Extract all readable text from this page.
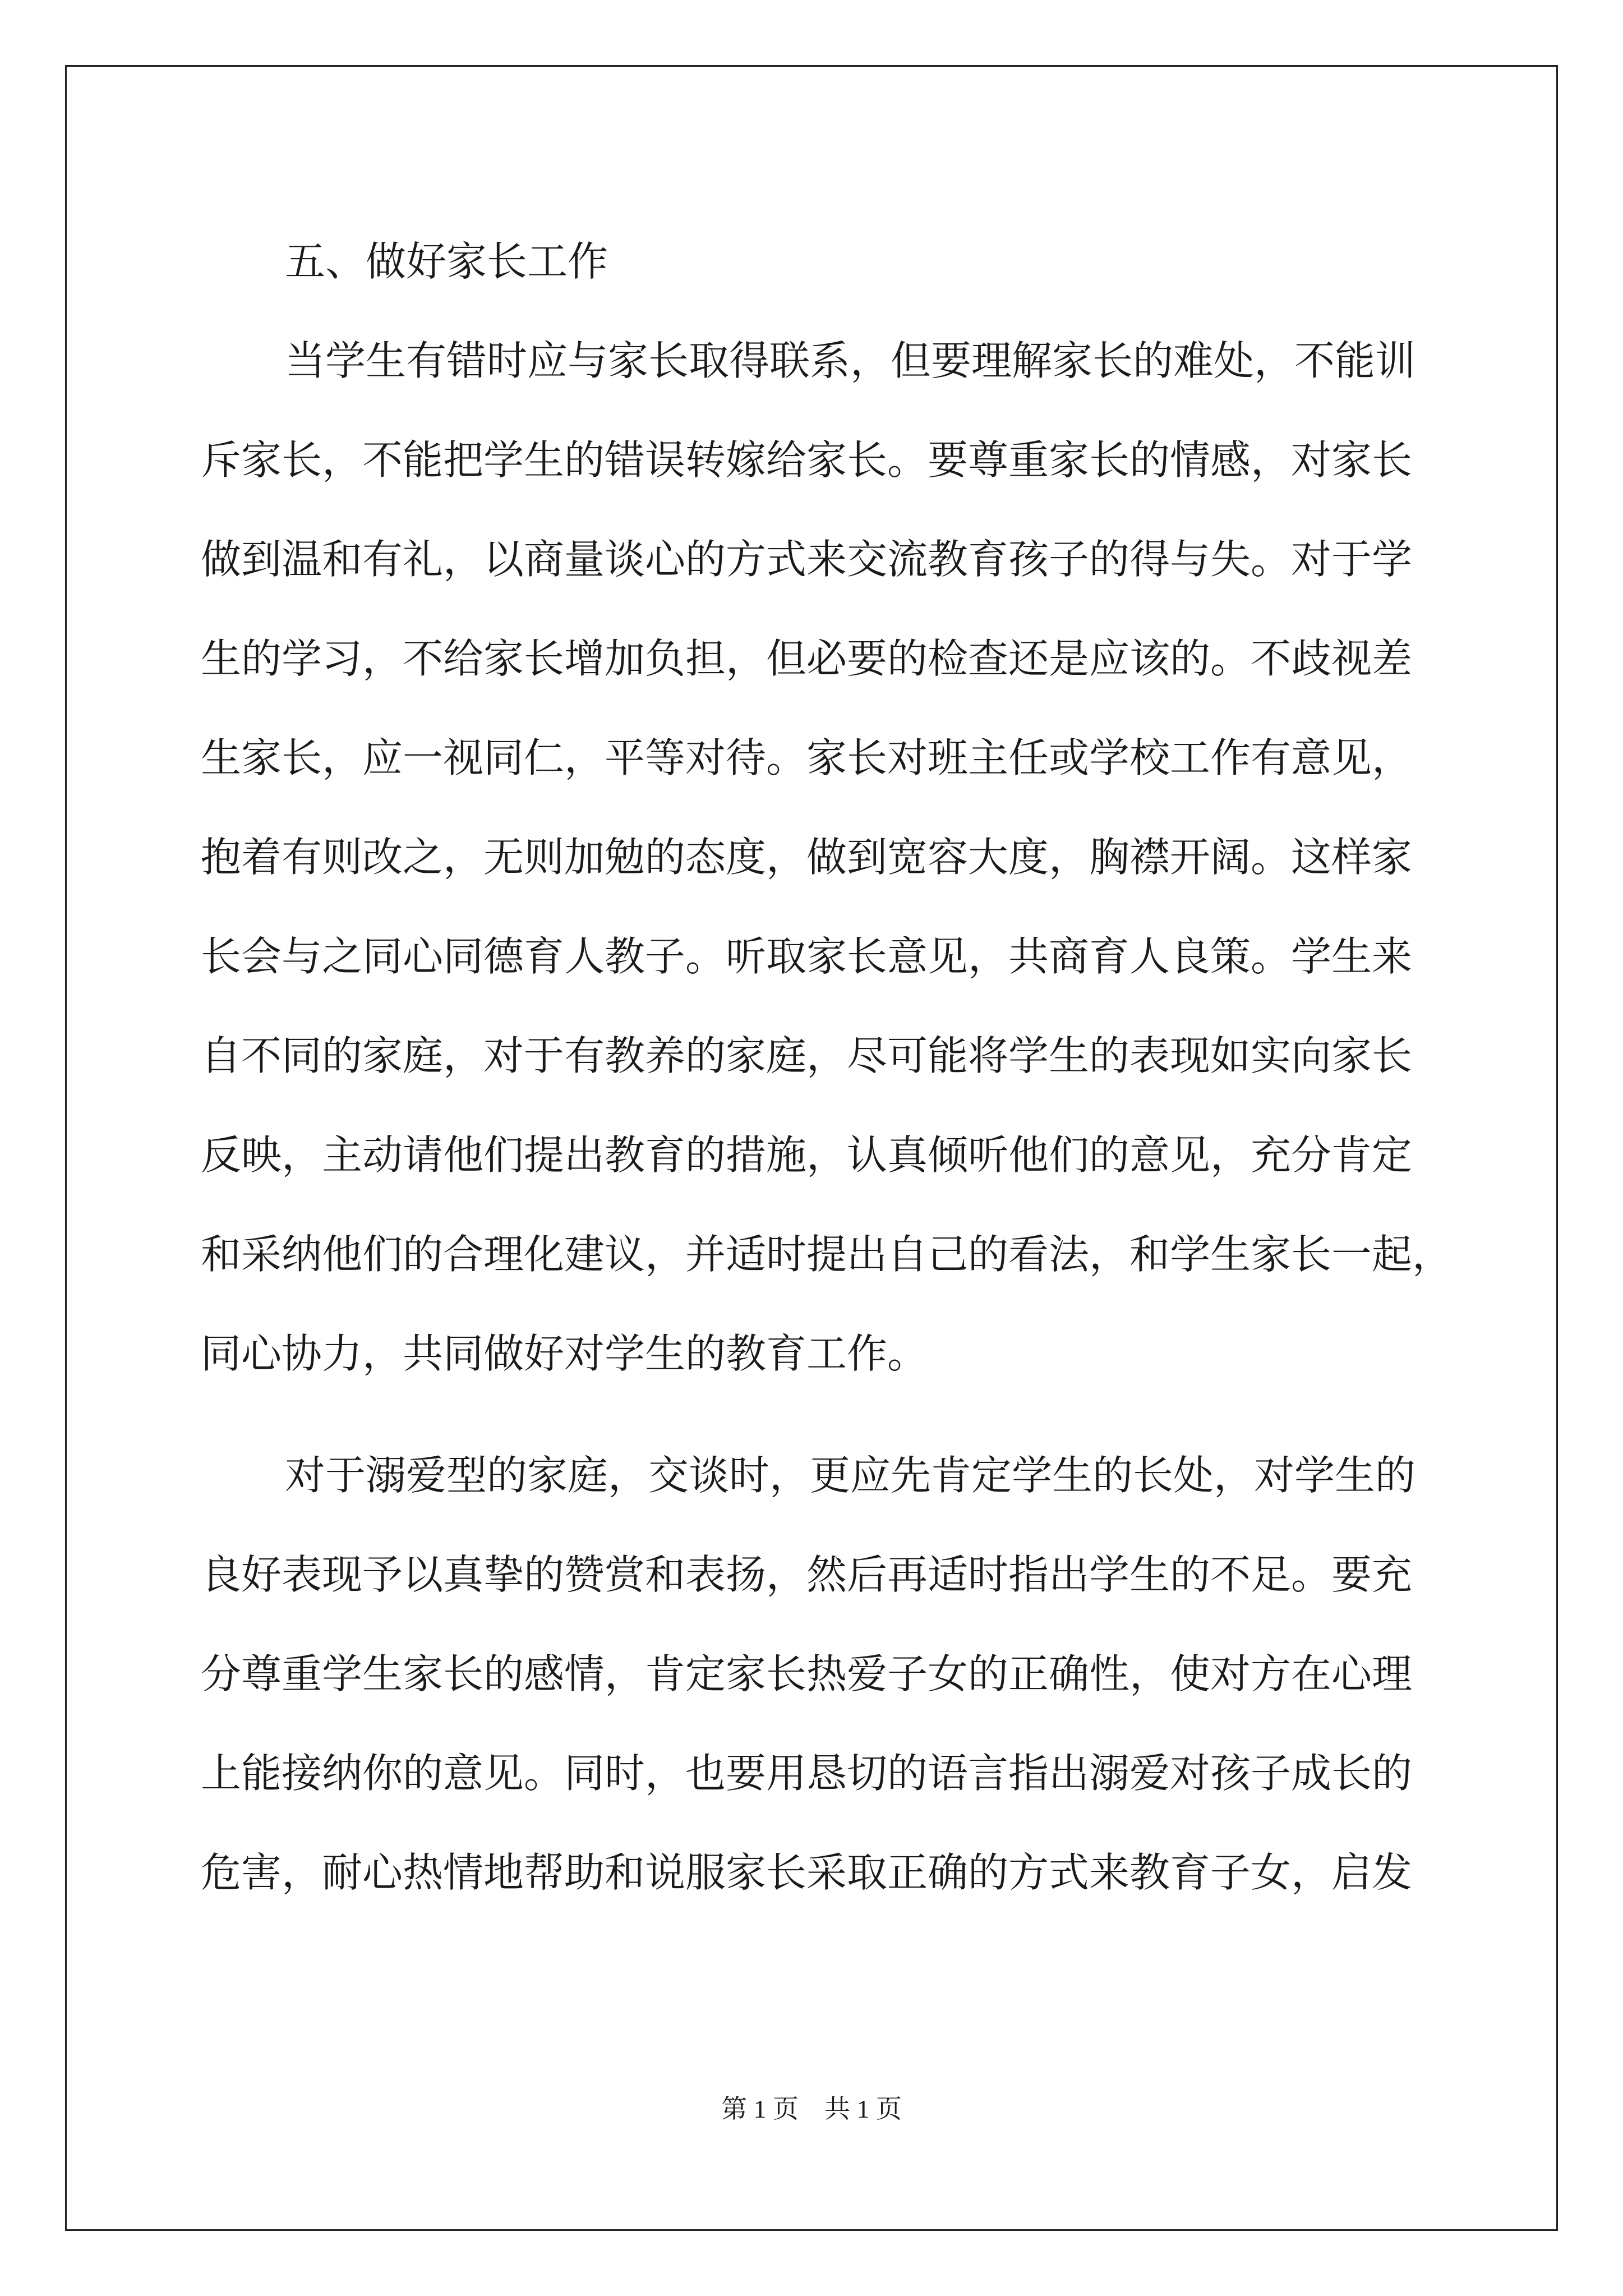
五、做好家长工作
当学生有错时应与家长取得联系，但要理解家长的难处，不能训
斥家长，不能把学生的错误转嫁给家长。要尊重家长的情感，对家长
做到温和有礼，以商量谈心的方式来交流教育孩子的得与失。对于学
生的学习，不给家长增加负担，但必要的检查还是应该的。不歧视差
生家长，应一视同仁，平等对待。家长对班主任或学校工作有意见，
抱着有则改之，无则加勉的态度，做到宽容大度，胸襟开阔。这样家
长会与之同心同德育人教子。听取家长意见，共商育人良策。学生来
自不同的家庭，对于有教养的家庭，尽可能将学生的表现如实向家长
反映，主动请他们提出教育的措施，认真倾听他们的意见，充分肯定
和采纳他们的合理化建议，并适时提出自己的看法，和学生家长一起，
同心协力，共同做好对学生的教育工作。
对于溺爱型的家庭，交谈时，更应先肯定学生的长处，对学生的
良好表现予以真挚的赞赏和表扬，然后再适时指出学生的不足。要充
分尊重学生家长的感情，肯定家长热爱子女的正确性，使对方在心理
上能接纳你的意见。同时，也要用恳切的语言指出溺爱对孩子成长的
危害，耐心热情地帮助和说服家长采取正确的方式来教育子女，启发
第 1 页    共 1 页
